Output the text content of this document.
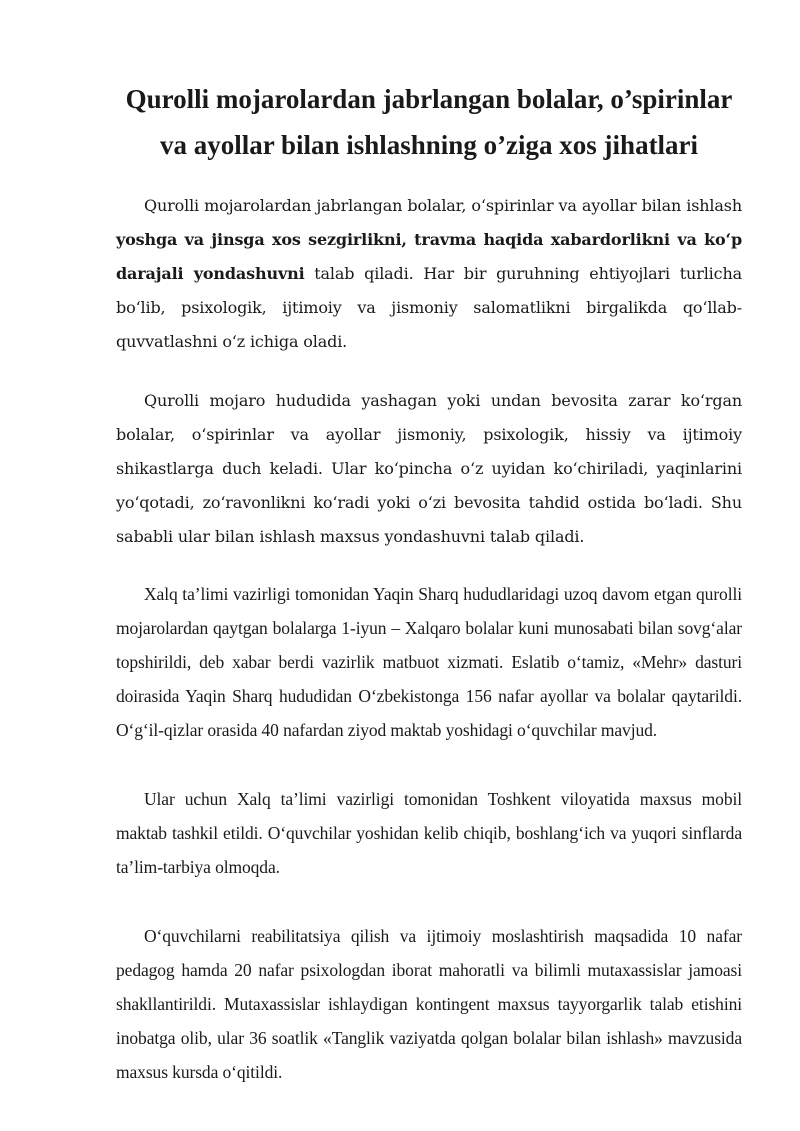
Qurolli mojarolardan jabrlangan bolalar, o’spirinlar va ayollar bilan ishlashning o’ziga xos jihatlari

Qurolli mojarolardan jabrlangan bolalar, o‘spirinlar va ayollar bilan ishlash yoshga va jinsga xos sezgirlikni, travma haqida xabardorlikni va ko‘p darajali yondashuvni talab qiladi. Har bir guruhning ehtiyojlari turlicha bo‘lib, psixologik, ijtimoiy va jismoniy salomatlikni birgalikda qo‘llab-quvvatlashni o‘z ichiga oladi.

Qurolli mojaro hududida yashagan yoki undan bevosita zarar ko‘rgan bolalar, o‘spirinlar va ayollar jismoniy, psixologik, hissiy va ijtimoiy shikastlarga duch keladi. Ular ko‘pincha o‘z uyidan ko‘chiriladi, yaqinlarini yo‘qotadi, zo‘ravonlikni ko‘radi yoki o‘zi bevosita tahdid ostida bo‘ladi. Shu sababli ular bilan ishlash maxsus yondashuvni talab qiladi.

Xalq ta’limi vazirligi tomonidan Yaqin Sharq hududlaridagi uzoq davom etgan qurolli mojarolardan qaytgan bolalarga 1-iyun – Xalqaro bolalar kuni munosabati bilan sovg‘alar topshirildi, deb xabar berdi vazirlik matbuot xizmati. Eslatib o‘tamiz, «Mehr» dasturi doirasida Yaqin Sharq hududidan O‘zbekistonga 156 nafar ayollar va bolalar qaytarildi. O‘g‘il-qizlar orasida 40 nafardan ziyod maktab yoshidagi o‘quvchilar mavjud.

Ular uchun Xalq ta’limi vazirligi tomonidan Toshkent viloyatida maxsus mobil maktab tashkil etildi. O‘quvchilar yoshidan kelib chiqib, boshlang‘ich va yuqori sinflarda ta’lim-tarbiya olmoqda.

O‘quvchilarni reabilitatsiya qilish va ijtimoiy moslashtirish maqsadida 10 nafar pedagog hamda 20 nafar psixologdan iborat mahoratli va bilimli mutaxassislar jamoasi shakllantirildi. Mutaxassislar ishlaydigan kontingent maxsus tayyorgarlik talab etishini inobatga olib, ular 36 soatlik «Tanglik vaziyatda qolgan bolalar bilan ishlash» mavzusida maxsus kursda o‘qitildi.
